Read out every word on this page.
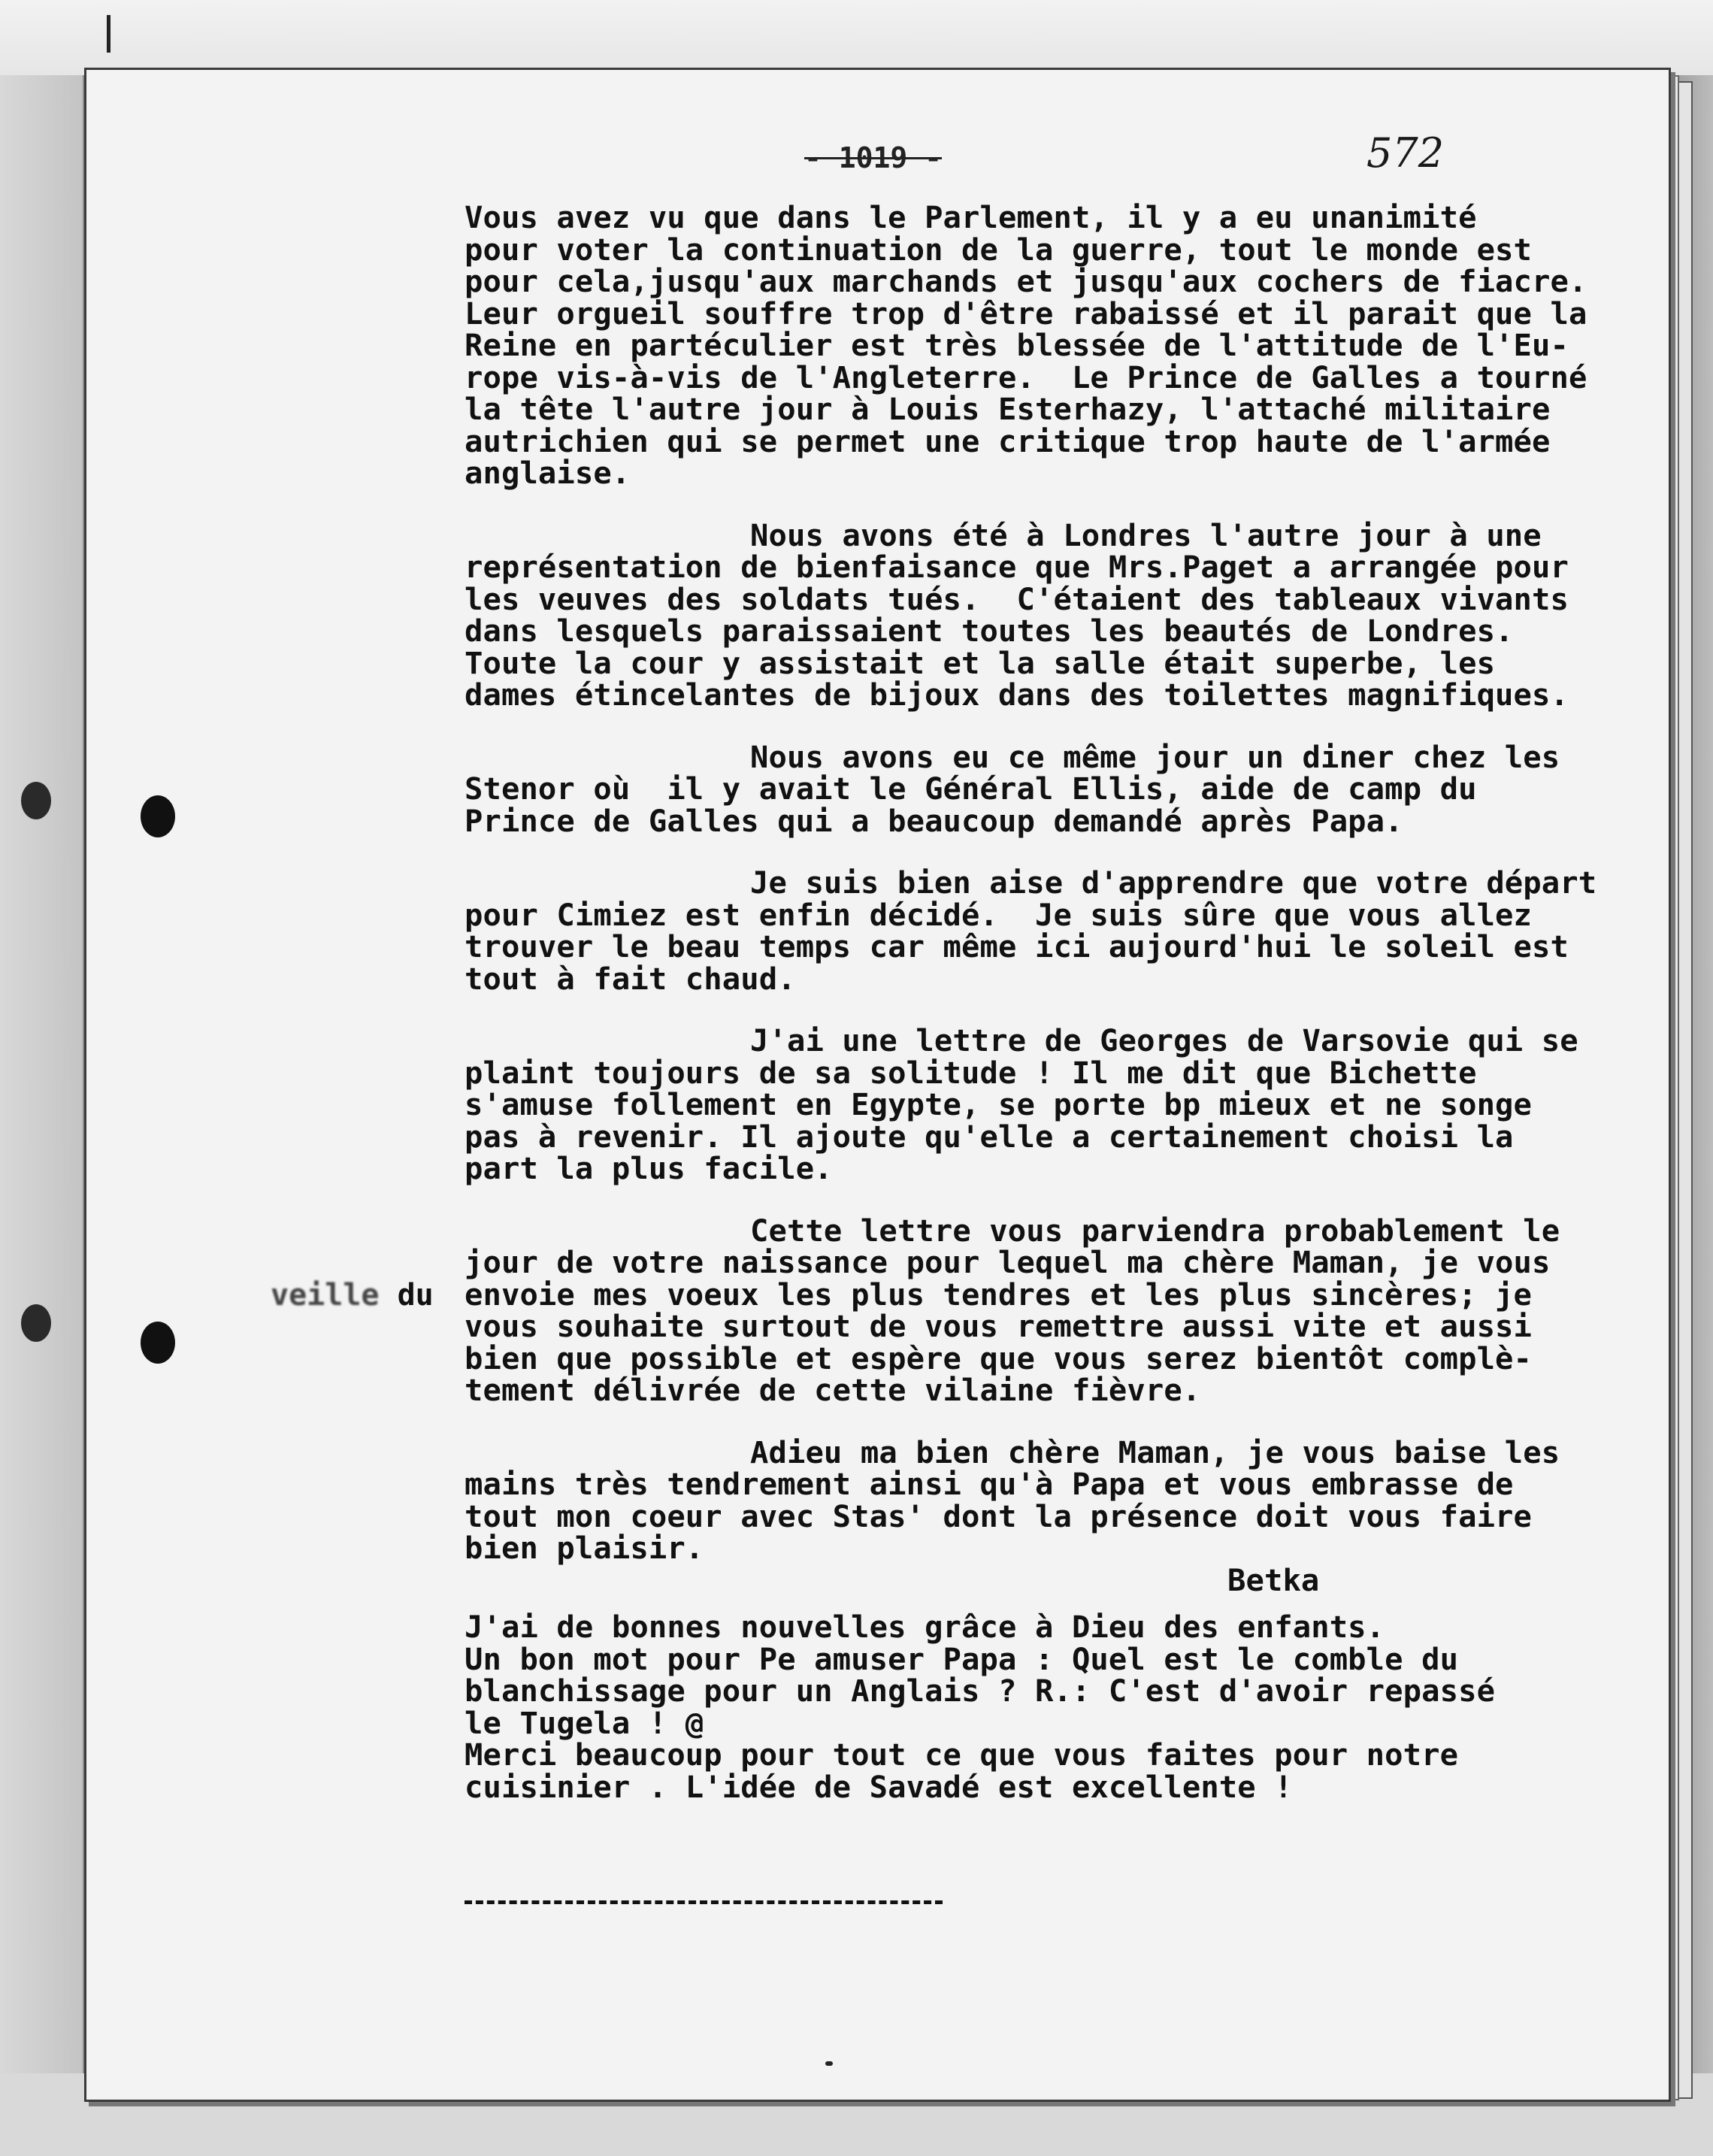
- 1019 -	572
veille du
Vous avez vu que dans le Parlement, il y a eu unanimité
pour voter la continuation de la guerre, tout le monde est
pour cela,jusqu'aux marchands et jusqu'aux cochers de fiacre.
Leur orgueil souffre trop d'être rabaissé et il parait que la
Reine en partéculier est très blessée de l'attitude de l'Eu-
rope vis-à-vis de l'Angleterre.  Le Prince de Galles a tourné
la tête l'autre jour à Louis Esterhazy, l'attaché militaire
autrichien qui se permet une critique trop haute de l'armée
anglaise.
Nous avons été à Londres l'autre jour à une
représentation de bienfaisance que Mrs.Paget a arrangée pour
les veuves des soldats tués.  C'étaient des tableaux vivants
dans lesquels paraissaient toutes les beautés de Londres.
Toute la cour y assistait et la salle était superbe, les
dames étincelantes de bijoux dans des toilettes magnifiques.
Nous avons eu ce même jour un diner chez les
Stenor où  il y avait le Général Ellis, aide de camp du
Prince de Galles qui a beaucoup demandé après Papa.
Je suis bien aise d'apprendre que votre départ
pour Cimiez est enfin décidé.  Je suis sûre que vous allez
trouver le beau temps car même ici aujourd'hui le soleil est
tout à fait chaud.
J'ai une lettre de Georges de Varsovie qui se
plaint toujours de sa solitude ! Il me dit que Bichette
s'amuse follement en Egypte, se porte bp mieux et ne songe
pas à revenir. Il ajoute qu'elle a certainement choisi la
part la plus facile.
Cette lettre vous parviendra probablement le
jour de votre naissance pour lequel ma chère Maman, je vous
envoie mes voeux les plus tendres et les plus sincères; je
vous souhaite surtout de vous remettre aussi vite et aussi
bien que possible et espère que vous serez bientôt complè-
tement délivrée de cette vilaine fièvre.
Adieu ma bien chère Maman, je vous baise les
mains très tendrement ainsi qu'à Papa et vous embrasse de
tout mon coeur avec Stas' dont la présence doit vous faire
bien plaisir.
Betka
J'ai de bonnes nouvelles grâce à Dieu des enfants.
Un bon mot pour Pe amuser Papa : Quel est le comble du
blanchissage pour un Anglais ? R.: C'est d'avoir repassé
le Tugela ! @
Merci beaucoup pour tout ce que vous faites pour notre
cuisinier . L'idée de Savadé est excellente !
